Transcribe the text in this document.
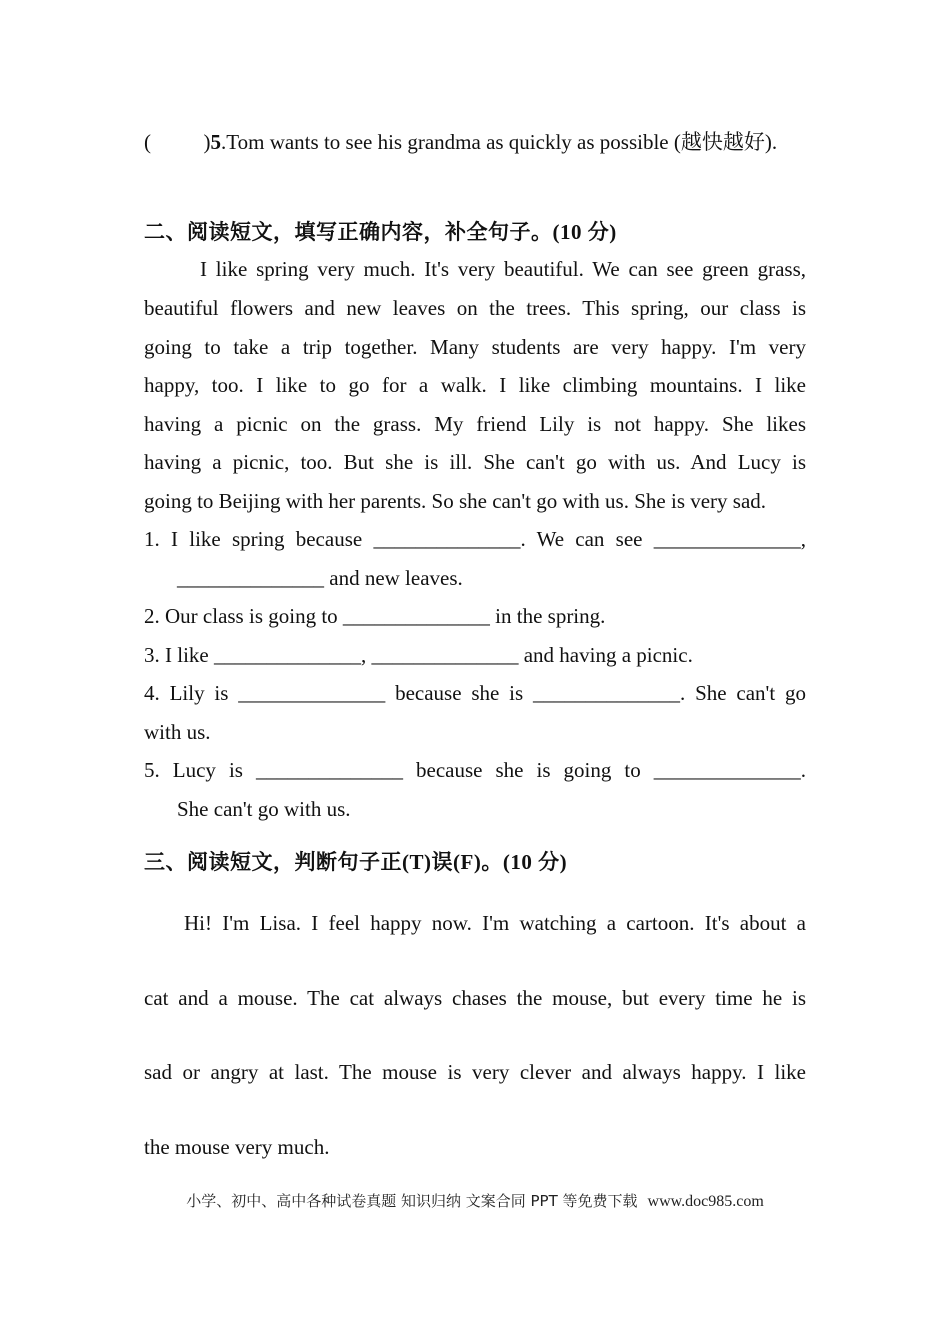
(          )5.Tom wants to see his grandma as quickly as possible (越快越好).
二、阅读短文，填写正确内容，补全句子。(10 分)
I like spring very much. It's very beautiful. We can see green grass,
beautiful flowers and new leaves on the trees. This spring, our class is
going to take a trip together. Many students are very happy. I'm very
happy, too. I like to go for a walk. I like climbing mountains. I like
having a picnic on the grass. My friend Lily is not happy. She likes
having a picnic, too. But she is ill. She can't go with us. And Lucy is
going to Beijing with her parents. So she can't go with us. She is very sad.
1. I like spring because ______________. We can see ______________,
______________ and new leaves.
2. Our class is going to ______________ in the spring.
3. I like ______________, ______________ and having a picnic.
4. Lily is ______________ because she is ______________. She can't go
with us.
5. Lucy is ______________ because she is going to ______________.
She can't go with us.
三、阅读短文，判断句子正(T)误(F)。(10 分)
Hi! I'm Lisa. I feel happy now. I'm watching a cartoon. It's about a
cat and a mouse. The cat always chases the mouse, but every time he is
sad or angry at last. The mouse is very clever and always happy. I like
the mouse very much.
小学、初中、高中各种试卷真题 知识归纳 文案合同 PPT 等免费下载 www.doc985.com
